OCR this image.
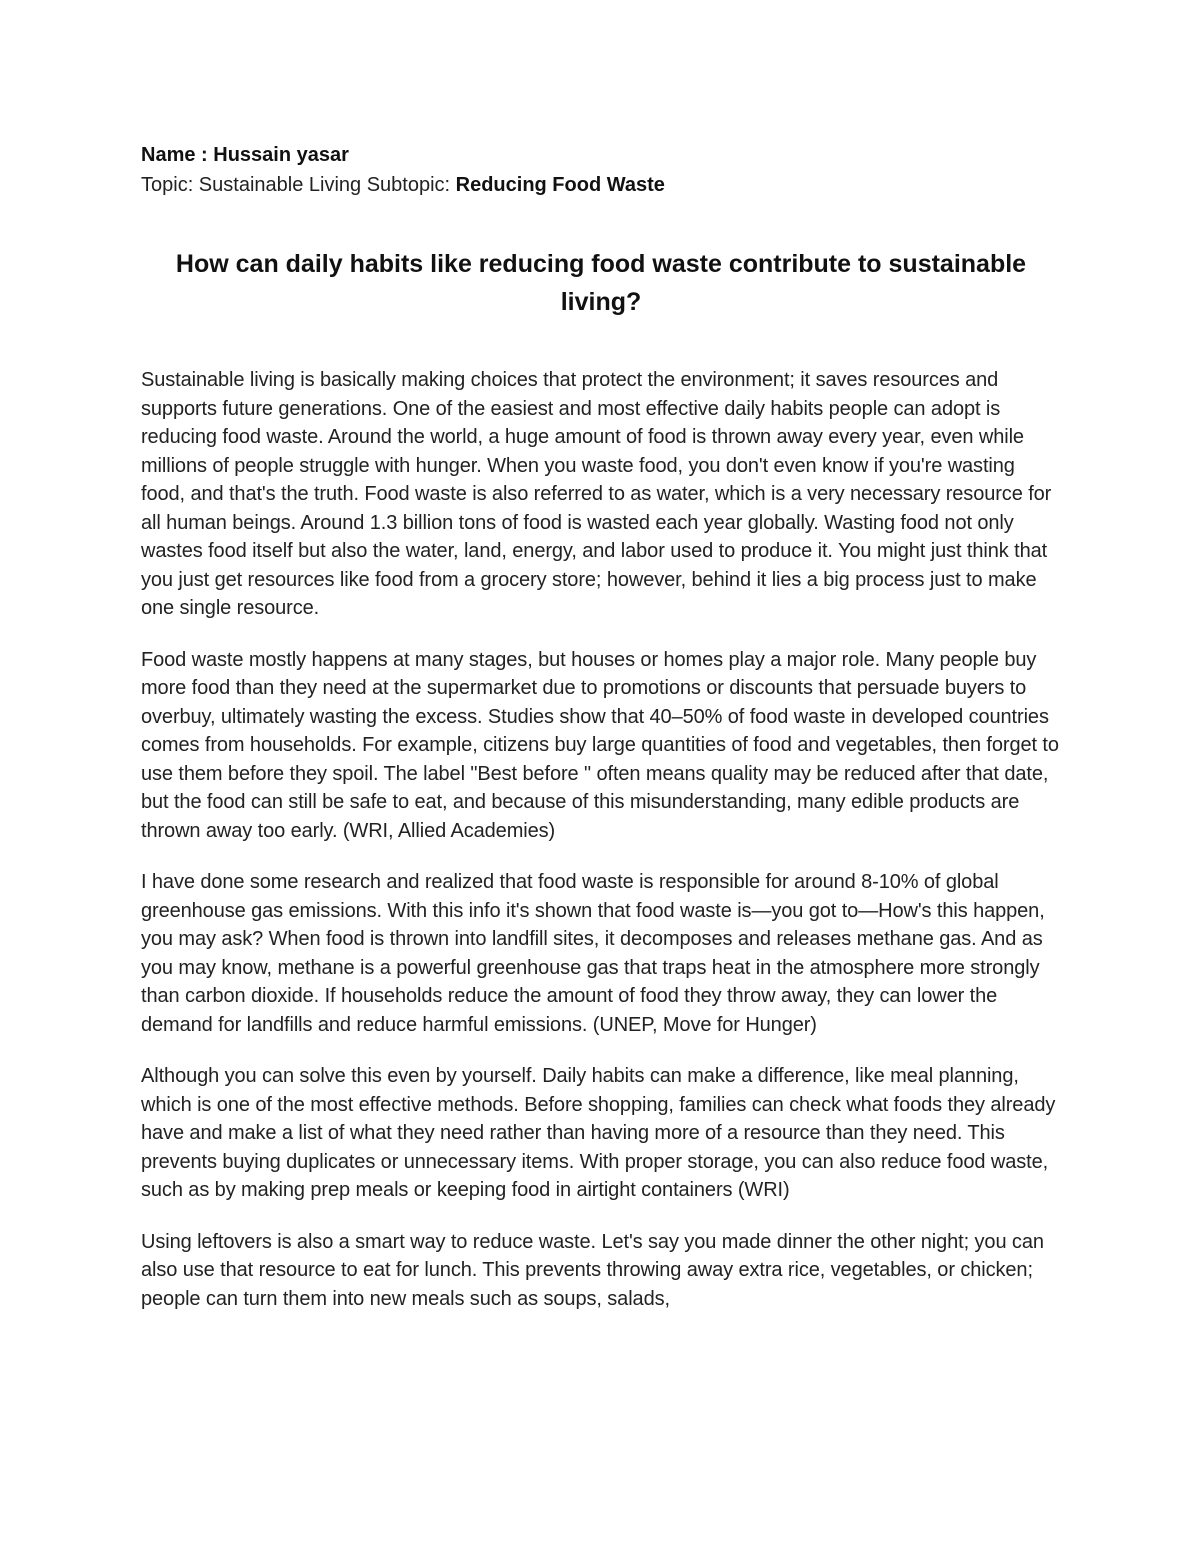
Name : Hussain yasar

Topic: Sustainable Living Subtopic: Reducing Food Waste

How can daily habits like reducing food waste contribute to sustainable living?

Sustainable living is basically making choices that protect the environment; it saves resources and supports future generations. One of the easiest and most effective daily habits people can adopt is reducing food waste. Around the world, a huge amount of food is thrown away every year, even while millions of people struggle with hunger. When you waste food, you don't even know if you're wasting food, and that's the truth. Food waste is also referred to as water, which is a very necessary resource for all human beings. Around 1.3 billion tons of food is wasted each year globally. Wasting food not only wastes food itself but also the water, land, energy, and labor used to produce it. You might just think that you just get resources like food from a grocery store; however, behind it lies a big process just to make one single resource.

Food waste mostly happens at many stages, but houses or homes play a major role. Many people buy more food than they need at the supermarket due to promotions or discounts that persuade buyers to overbuy, ultimately wasting the excess. Studies show that 40–50% of food waste in developed countries comes from households. For example, citizens buy large quantities of food and vegetables, then forget to use them before they spoil. The label "Best before " often means quality may be reduced after that date, but the food can still be safe to eat, and because of this misunderstanding, many edible products are thrown away too early. (WRI, Allied Academies)

I have done some research and realized that food waste is responsible for around 8-10% of global greenhouse gas emissions. With this info it's shown that food waste is—you got to—How's this happen, you may ask? When food is thrown into landfill sites, it decomposes and releases methane gas. And as you may know, methane is a powerful greenhouse gas that traps heat in the atmosphere more strongly than carbon dioxide. If households reduce the amount of food they throw away, they can lower the demand for landfills and reduce harmful emissions. (UNEP, Move for Hunger)

Although you can solve this even by yourself. Daily habits can make a difference, like meal planning, which is one of the most effective methods. Before shopping, families can check what foods they already have and make a list of what they need rather than having more of a resource than they need. This prevents buying duplicates or unnecessary items. With proper storage, you can also reduce food waste, such as by making prep meals or keeping food in airtight containers (WRI)

Using leftovers is also a smart way to reduce waste. Let's say you made dinner the other night; you can also use that resource to eat for lunch. This prevents throwing away extra rice, vegetables, or chicken; people can turn them into new meals such as soups, salads,
